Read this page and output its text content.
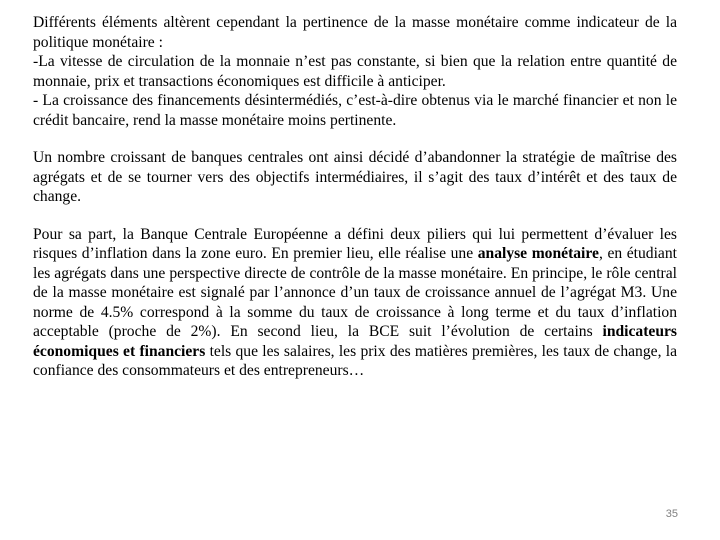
Différents éléments altèrent cependant la pertinence de la masse monétaire comme indicateur de la politique monétaire :

-La vitesse de circulation de la monnaie n’est pas constante, si bien que la relation entre quantité de monnaie, prix et transactions économiques est difficile à anticiper.

- La croissance des financements désintermédiés, c’est-à-dire obtenus via le marché financier et non le crédit bancaire, rend la masse monétaire moins pertinente.

Un nombre croissant de banques centrales ont ainsi décidé d’abandonner la stratégie de maîtrise des agrégats et de se tourner vers des objectifs intermédiaires, il s’agit des taux d’intérêt et des taux de change.

Pour sa part, la Banque Centrale Européenne a défini deux piliers qui lui permettent d’évaluer les risques d’inflation dans la zone euro. En premier lieu, elle réalise une analyse monétaire, en étudiant les agrégats dans une perspective directe de contrôle de la masse monétaire. En principe, le rôle central de la masse monétaire est signalé par l’annonce d’un taux de croissance annuel de l’agrégat M3. Une norme de 4.5% correspond à la somme du taux de croissance à long terme et du taux d’inflation acceptable (proche de 2%). En second lieu, la BCE suit l’évolution de certains indicateurs économiques et financiers tels que les salaires, les prix des matières premières, les taux de change, la confiance des consommateurs et des entrepreneurs…

35
